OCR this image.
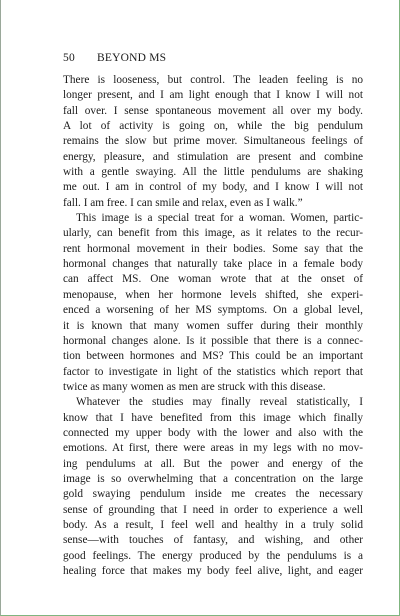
50 BEYOND MS
There is looseness, but control. The leaden feeling is no
longer present, and I am light enough that I know I will not
fall over. I sense spontaneous movement all over my body.
A lot of activity is going on, while the big pendulum
remains the slow but prime mover. Simultaneous feelings of
energy, pleasure, and stimulation are present and combine
with a gentle swaying. All the little pendulums are shaking
me out. I am in control of my body, and I know I will not
fall. I am free. I can smile and relax, even as I walk.”
This image is a special treat for a woman. Women, partic-
ularly, can benefit from this image, as it relates to the recur-
rent hormonal movement in their bodies. Some say that the
hormonal changes that naturally take place in a female body
can affect MS. One woman wrote that at the onset of
menopause, when her hormone levels shifted, she experi-
enced a worsening of her MS symptoms. On a global level,
it is known that many women suffer during their monthly
hormonal changes alone. Is it possible that there is a connec-
tion between hormones and MS? This could be an important
factor to investigate in light of the statistics which report that
twice as many women as men are struck with this disease.
Whatever the studies may finally reveal statistically, I
know that I have benefited from this image which finally
connected my upper body with the lower and also with the
emotions. At first, there were areas in my legs with no mov-
ing pendulums at all. But the power and energy of the
image is so overwhelming that a concentration on the large
gold swaying pendulum inside me creates the necessary
sense of grounding that I need in order to experience a well
body. As a result, I feel well and healthy in a truly solid
sense—with touches of fantasy, and wishing, and other
good feelings. The energy produced by the pendulums is a
healing force that makes my body feel alive, light, and eager
